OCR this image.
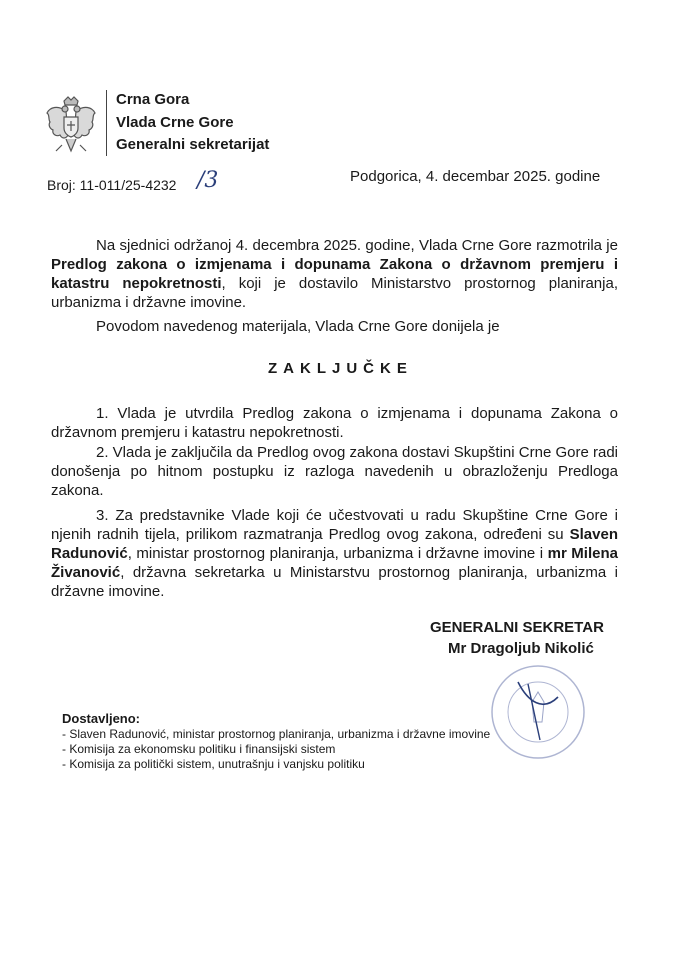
Crna Gora
Vlada Crne Gore
Generalni sekretarijat
Broj: 11-011/25-4232 /3	Podgorica, 4. decembar 2025. godine
Na sjednici održanoj 4. decembra 2025. godine, Vlada Crne Gore razmotrila je Predlog zakona o izmjenama i dopunama Zakona o državnom premjeru i katastru nepokretnosti, koji je dostavilo Ministarstvo prostornog planiranja, urbanizma i državne imovine.
Povodom navedenog materijala, Vlada Crne Gore donijela je
ZAKLJUČKE
1. Vlada je utvrdila Predlog zakona o izmjenama i dopunama Zakona o državnom premjeru i katastru nepokretnosti.
2. Vlada je zaključila da Predlog ovog zakona dostavi Skupštini Crne Gore radi donošenja po hitnom postupku iz razloga navedenih u obrazloženju Predloga zakona.
3. Za predstavnike Vlade koji će učestvovati u radu Skupštine Crne Gore i njenih radnih tijela, prilikom razmatranja Predlog ovog zakona, određeni su Slaven Radunović, ministar prostornog planiranja, urbanizma i državne imovine i mr Milena Živanović, državna sekretarka u Ministarstvu prostornog planiranja, urbanizma i državne imovine.
GENERALNI SEKRETAR
Mr Dragoljub Nikolić
Dostavljeno:
- Slaven Radunović, ministar prostornog planiranja, urbanizma i državne imovine
- Komisija za ekonomsku politiku i finansijski sistem
- Komisija za politički sistem, unutrašnju i vanjsku politiku
